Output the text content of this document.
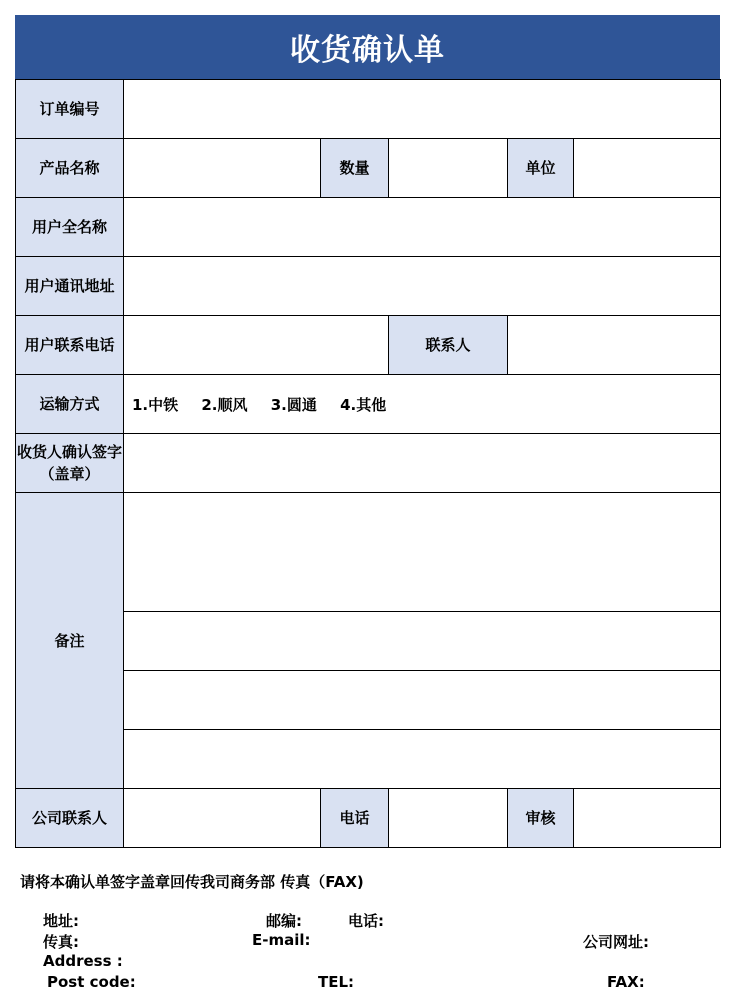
收货确认单
订单编号					
产品名称		数量		单位	
用户全名称					
用户通讯地址					
用户联系电话			联系人		
运输方式	1.中铁 2.顺风 3.圆通 4.其他				
收货人确认签字（盖章）					
备注					

公司联系人		电话		审核	
请将本确认单签字盖章回传我司商务部 传真（FAX)
地址:	邮编:	电话:
传真:	E-mail:	公司网址:
Address :
Post code:	TEL:	FAX:
